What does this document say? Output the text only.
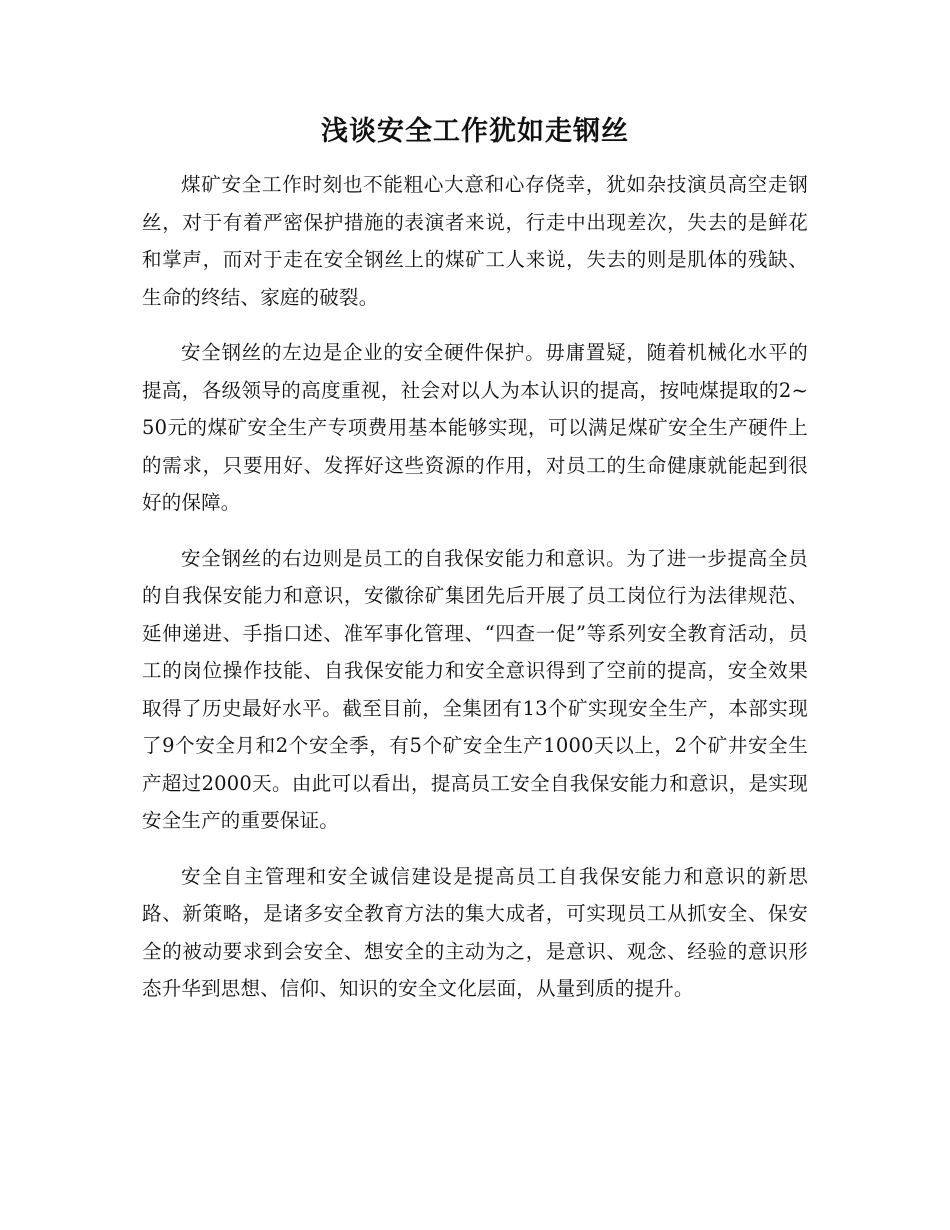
浅谈安全工作犹如走钢丝

煤矿安全工作时刻也不能粗心大意和心存侥幸，犹如杂技演员高空走钢丝，对于有着严密保护措施的表演者来说，行走中出现差次，失去的是鲜花和掌声，而对于走在安全钢丝上的煤矿工人来说，失去的则是肌体的残缺、生命的终结、家庭的破裂。

安全钢丝的左边是企业的安全硬件保护。毋庸置疑，随着机械化水平的提高，各级领导的高度重视，社会对以人为本认识的提高，按吨煤提取的2~50元的煤矿安全生产专项费用基本能够实现，可以满足煤矿安全生产硬件上的需求，只要用好、发挥好这些资源的作用，对员工的生命健康就能起到很好的保障。

安全钢丝的右边则是员工的自我保安能力和意识。为了进一步提高全员的自我保安能力和意识，安徽徐矿集团先后开展了员工岗位行为法律规范、延伸递进、手指口述、准军事化管理、“四查一促”等系列安全教育活动，员工的岗位操作技能、自我保安能力和安全意识得到了空前的提高，安全效果取得了历史最好水平。截至目前，全集团有13个矿实现安全生产，本部实现了9个安全月和2个安全季，有5个矿安全生产1000天以上，2个矿井安全生产超过2000天。由此可以看出，提高员工安全自我保安能力和意识，是实现安全生产的重要保证。

安全自主管理和安全诚信建设是提高员工自我保安能力和意识的新思路、新策略，是诸多安全教育方法的集大成者，可实现员工从抓安全、保安全的被动要求到会安全、想安全的主动为之，是意识、观念、经验的意识形态升华到思想、信仰、知识的安全文化层面，从量到质的提升。
